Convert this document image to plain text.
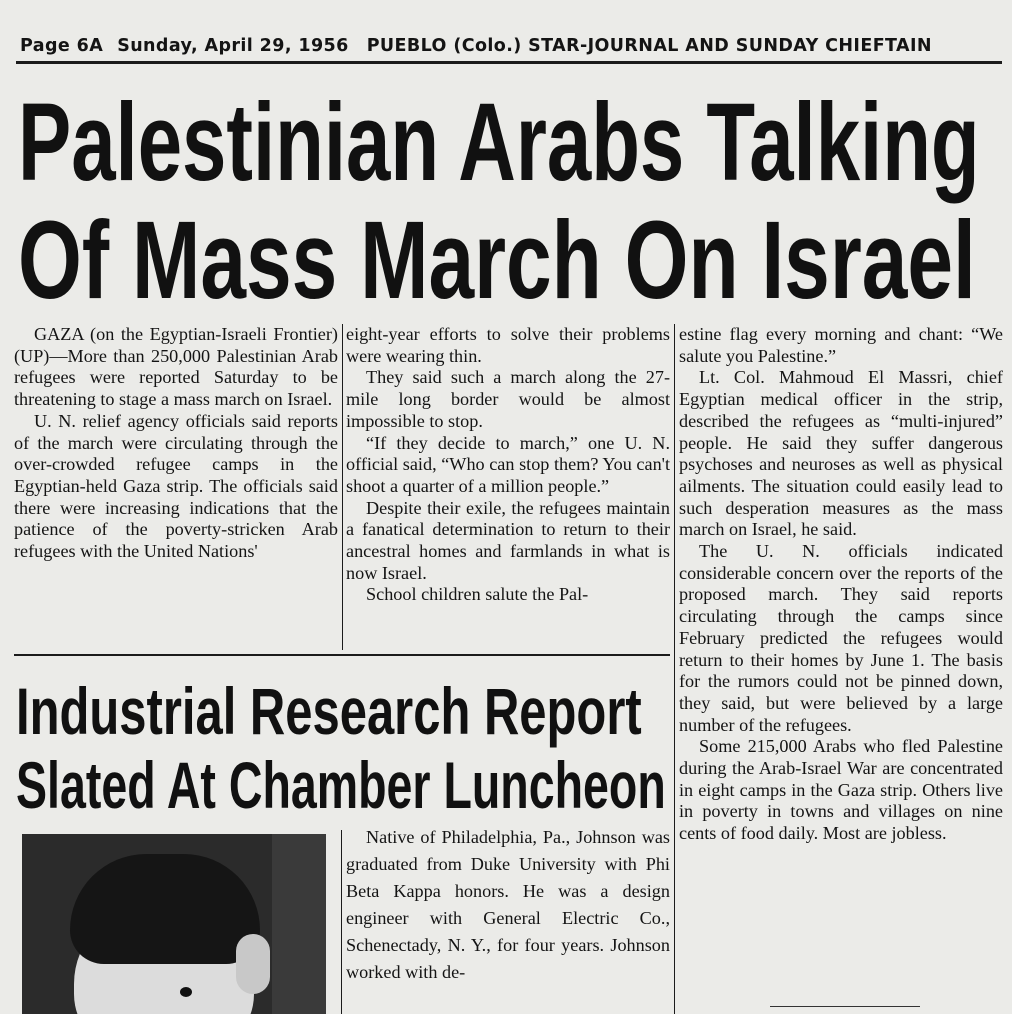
Page 6A Sunday, April 29, 1956 PUEBLO (Colo.) STAR-JOURNAL AND SUNDAY CHIEFTAIN
Palestinian Arabs Talking
Of Mass March On Israel

GAZA (on the Egyptian-Israeli Frontier) (UP)—More than 250,000 Palestinian Arab refugees were reported Saturday to be threatening to stage a mass march on Israel.

U. N. relief agency officials said reports of the march were circulating through the over-crowded refugee camps in the Egyptian-held Gaza strip. The officials said there were increasing indications that the patience of the poverty-stricken Arab refugees with the United Nations'

eight-year efforts to solve their problems were wearing thin.

They said such a march along the 27-mile long border would be almost impossible to stop.

“If they decide to march,” one U. N. official said, “Who can stop them? You can't shoot a quarter of a million people.”

Despite their exile, the refugees maintain a fanatical determination to return to their ancestral homes and farmlands in what is now Israel.

School children salute the Pal-

estine flag every morning and chant: “We salute you Palestine.”

Lt. Col. Mahmoud El Massri, chief Egyptian medical officer in the strip, described the refugees as “multi-injured” people. He said they suffer dangerous psychoses and neuroses as well as physical ailments. The situation could easily lead to such desperation measures as the mass march on Israel, he said.

The U. N. officials indicated considerable concern over the reports of the proposed march. They said reports circulating through the camps since February predicted the refugees would return to their homes by June 1. The basis for the rumors could not be pinned down, they said, but were believed by a large number of the refugees.

Some 215,000 Arabs who fled Palestine during the Arab-Israel War are concentrated in eight camps in the Gaza strip. Others live in poverty in towns and villages on nine cents of food daily. Most are jobless.

Industrial Research Report
Slated At Chamber Luncheon

Native of Philadelphia, Pa., Johnson was graduated from Duke University with Phi Beta Kappa honors. He was a design engineer with General Electric Co., Schenectady, N. Y., for four years. Johnson worked with de-
